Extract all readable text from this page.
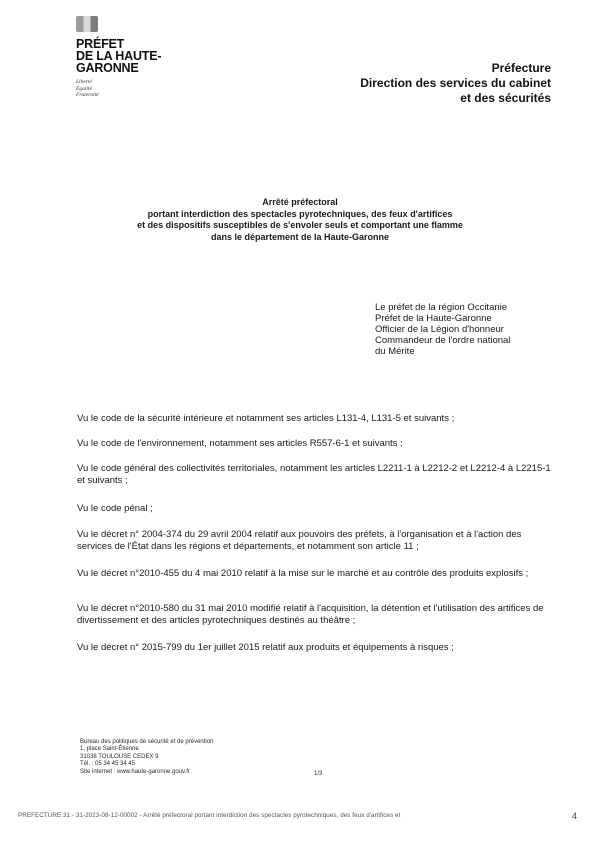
PRÉFET
DE LA HAUTE-
GARONNE
Liberté
Égalité
Fraternité
Préfecture
Direction des services du cabinet
et des sécurités
Arrêté préfectoral
portant interdiction des spectacles pyrotechniques, des feux d'artifices
et des dispositifs susceptibles de s'envoler seuls et comportant une flamme
dans le département de la Haute-Garonne
Le préfet de la région Occitanie
Préfet de la Haute-Garonne
Officier de la Légion d'honneur
Commandeur de l'ordre national
du Mérite

Vu le code de la sécurité intérieure et notamment ses articles L131-4, L131-5 et suivants ;

Vu le code de l'environnement, notamment ses articles R557-6-1 et suivants ;

Vu le code général des collectivités territoriales, notamment les articles L2211-1 à L2212-2 et L2212-4 à L2215-1 et suivants ;

Vu le code pénal ;

Vu le décret n° 2004-374 du 29 avril 2004 relatif aux pouvoirs des préfets, à l'organisation et à l'action des services de l'État dans les régions et départements, et notamment son article 11 ;

Vu le décret n°2010-455 du 4 mai 2010 relatif à la mise sur le marché et au contrôle des produits explosifs ;

Vu le décret n°2010-580 du 31 mai 2010 modifié relatif à l'acquisition, la détention et l'utilisation des artifices de divertissement et des articles pyrotechniques destinés au théâtre ;

Vu le décret n° 2015-799 du 1er juillet 2015 relatif aux produits et équipements à risques ;

Bureau des politiques de sécurité et de prévention
1, place Saint-Étienne
31038 TOULOUSE CEDEX 9
Tél. : 05 34 45 34 45
Site internet : www.haute-garonne.gouv.fr	1/3
PREFECTURE 31 - 31-2023-08-12-00002 - Arrêté préfectoral portant interdiction des spectacles pyrotechniques, des feux d'artifices et	4
